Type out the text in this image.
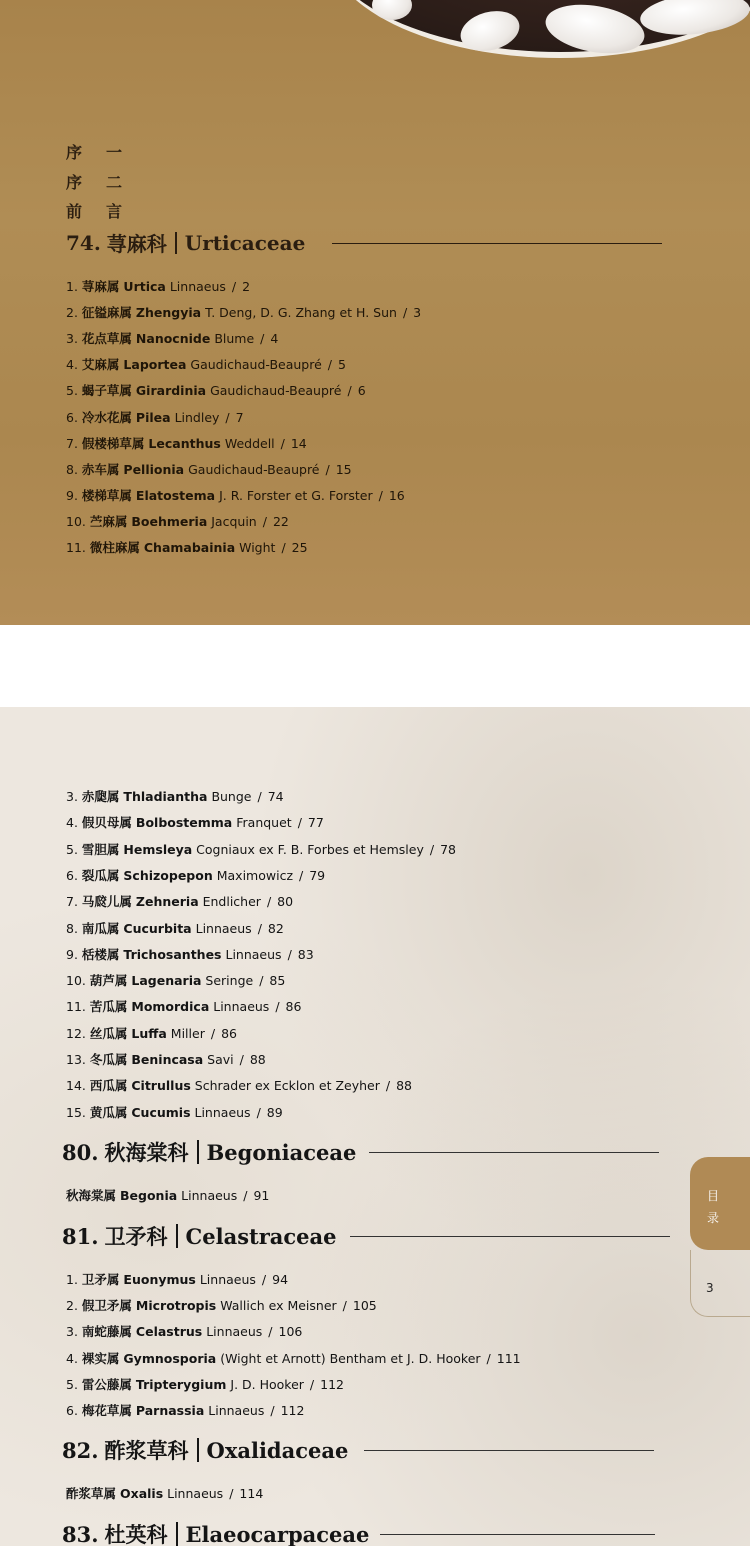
序一
序二
前言
74. 荨麻科 Urticaceae
1. 荨麻属 Urtica Linnaeus / 2
2. 征镒麻属 Zhengyia T. Deng, D. G. Zhang et H. Sun / 3
3. 花点草属 Nanocnide Blume / 4
4. 艾麻属 Laportea Gaudichaud-Beaupré / 5
5. 蝎子草属 Girardinia Gaudichaud-Beaupré / 6
6. 冷水花属 Pilea Lindley / 7
7. 假楼梯草属 Lecanthus Weddell / 14
8. 赤车属 Pellionia Gaudichaud-Beaupré / 15
9. 楼梯草属 Elatostema J. R. Forster et G. Forster / 16
10. 苎麻属 Boehmeria Jacquin / 22
11. 微柱麻属 Chamabainia Wight / 25
3. 赤瓟属 Thladiantha Bunge / 74
4. 假贝母属 Bolbostemma Franquet / 77
5. 雪胆属 Hemsleya Cogniaux ex F. B. Forbes et Hemsley / 78
6. 裂瓜属 Schizopepon Maximowicz / 79
7. 马㼎儿属 Zehneria Endlicher / 80
8. 南瓜属 Cucurbita Linnaeus / 82
9. 栝楼属 Trichosanthes Linnaeus / 83
10. 葫芦属 Lagenaria Seringe / 85
11. 苦瓜属 Momordica Linnaeus / 86
12. 丝瓜属 Luffa Miller / 86
13. 冬瓜属 Benincasa Savi / 88
14. 西瓜属 Citrullus Schrader ex Ecklon et Zeyher / 88
15. 黄瓜属 Cucumis Linnaeus / 89
80. 秋海棠科 Begoniaceae
秋海棠属 Begonia Linnaeus / 91
81. 卫矛科 Celastraceae
1. 卫矛属 Euonymus Linnaeus / 94
2. 假卫矛属 Microtropis Wallich ex Meisner / 105
3. 南蛇藤属 Celastrus Linnaeus / 106
4. 裸实属 Gymnosporia (Wight et Arnott) Bentham et J. D. Hooker / 111
5. 雷公藤属 Tripterygium J. D. Hooker / 112
6. 梅花草属 Parnassia Linnaeus / 112
82. 酢浆草科 Oxalidaceae
酢浆草属 Oxalis Linnaeus / 114
83. 杜英科 Elaeocarpaceae
目
录
3
